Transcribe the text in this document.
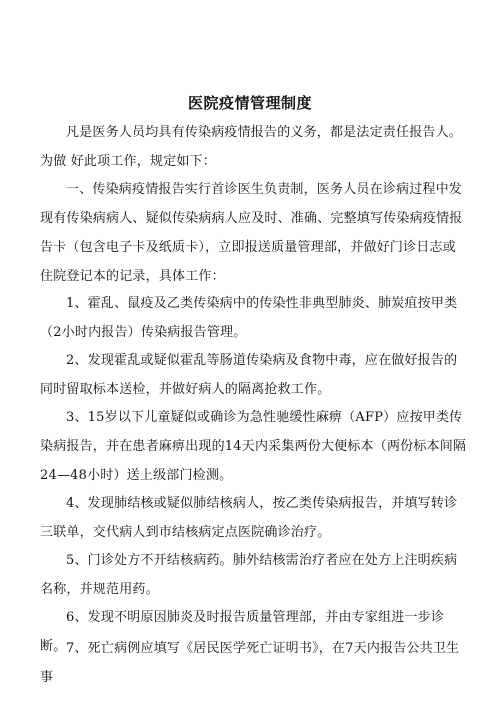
医院疫情管理制度

凡是医务人员均具有传染病疫情报告的义务，都是法定责任报告人。为做 好此项工作，规定如下：

一、传染病疫情报告实行首诊医生负责制，医务人员在诊病过程中发现有传染病病人、疑似传染病病人应及时、准确、完整填写传染病疫情报告卡（包含电子卡及纸质卡），立即报送质量管理部，并做好门诊日志或住院登记本的记录，具体工作：

1、霍乱、鼠疫及乙类传染病中的传染性非典型肺炎、肺炭疽按甲类（2小时内报告）传染病报告管理。

2、发现霍乱或疑似霍乱等肠道传染病及食物中毒，应在做好报告的同时留取标本送检，并做好病人的隔离抢救工作。

3、15岁以下儿童疑似或确诊为急性驰缓性麻痹（AFP）应按甲类传染病报告，并在患者麻痹出现的14天内采集两份大便标本（两份标本间隔24—48小时）送上级部门检测。

4、发现肺结核或疑似肺结核病人，按乙类传染病报告，并填写转诊三联单，交代病人到市结核病定点医院确诊治疗。

5、门诊处方不开结核病药。肺外结核需治疗者应在处方上注明疾病名称，并规范用药。

6、发现不明原因肺炎及时报告质量管理部，并由专家组进一步诊断。 7、死亡病例应填写《居民医学死亡证明书》，在7天内报告公共卫生事
